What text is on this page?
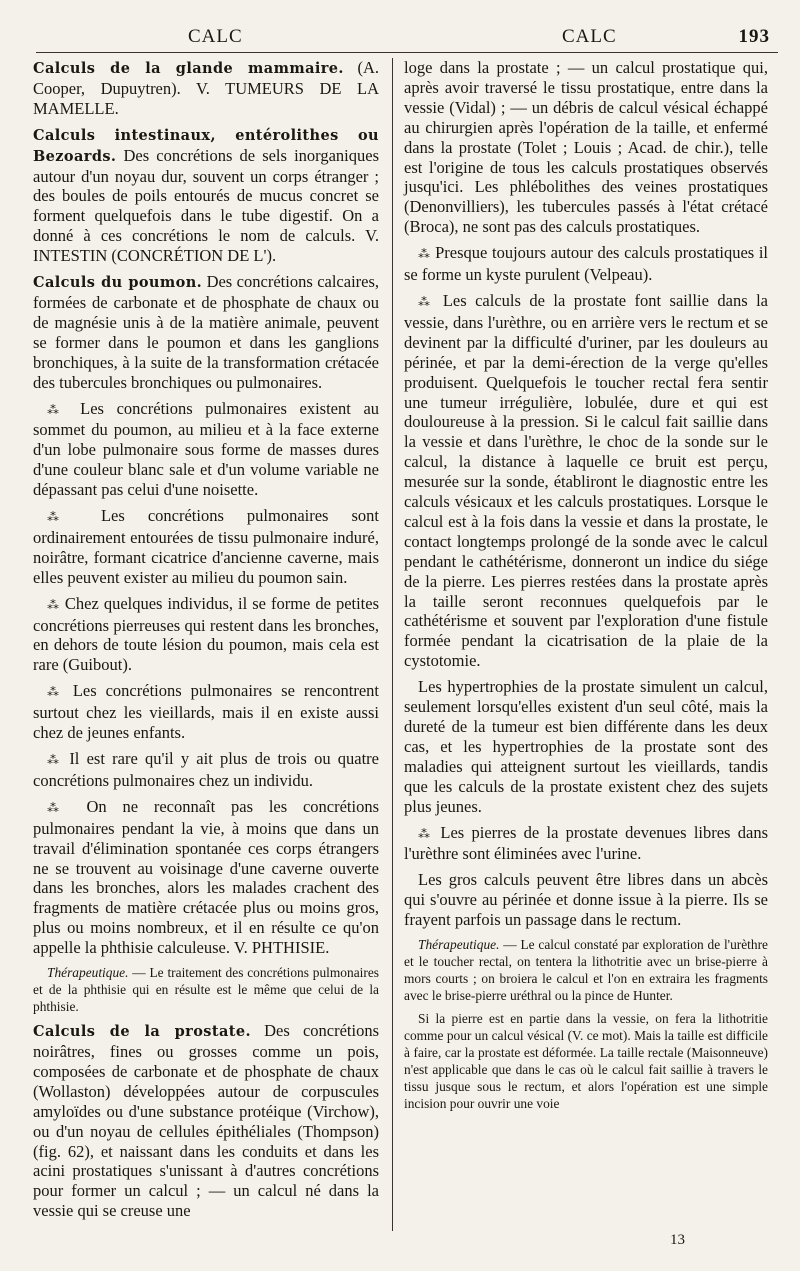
CALC	CALC	193

Calculs de la glande mammaire. (A. Cooper, Dupuytren). V. TUMEURS DE LA MAMELLE.

Calculs intestinaux, entérolithes ou Bezoards. Des concrétions de sels inorganiques autour d'un noyau dur, souvent un corps étranger ; des boules de poils entourés de mucus concret se forment quelquefois dans le tube digestif. On a donné à ces concrétions le nom de calculs. V. INTESTIN (CONCRÉTION DE L').

Calculs du poumon. Des concrétions calcaires, formées de carbonate et de phosphate de chaux ou de magnésie unis à de la matière animale, peuvent se former dans le poumon et dans les ganglions bronchiques, à la suite de la transformation crétacée des tubercules bronchiques ou pulmonaires.

⁂ Les concrétions pulmonaires existent au sommet du poumon, au milieu et à la face externe d'un lobe pulmonaire sous forme de masses dures d'une couleur blanc sale et d'un volume variable ne dépassant pas celui d'une noisette.

⁂ Les concrétions pulmonaires sont ordinairement entourées de tissu pulmonaire induré, noirâtre, formant cicatrice d'ancienne caverne, mais elles peuvent exister au milieu du poumon sain.

⁂ Chez quelques individus, il se forme de petites concrétions pierreuses qui restent dans les bronches, en dehors de toute lésion du poumon, mais cela est rare (Guibout).

⁂ Les concrétions pulmonaires se rencontrent surtout chez les vieillards, mais il en existe aussi chez de jeunes enfants.

⁂ Il est rare qu'il y ait plus de trois ou quatre concrétions pulmonaires chez un individu.

⁂ On ne reconnaît pas les concrétions pulmonaires pendant la vie, à moins que dans un travail d'élimination spontanée ces corps étrangers ne se trouvent au voisinage d'une caverne ouverte dans les bronches, alors les malades crachent des fragments de matière crétacée plus ou moins gros, plus ou moins nombreux, et il en résulte ce qu'on appelle la phthisie calculeuse. V. PHTHISIE.

Thérapeutique. — Le traitement des concrétions pulmonaires et de la phthisie qui en résulte est le même que celui de la phthisie.

Calculs de la prostate. Des concrétions noirâtres, fines ou grosses comme un pois, composées de carbonate et de phosphate de chaux (Wollaston) développées autour de corpuscules amyloïdes ou d'une substance protéique (Virchow), ou d'un noyau de cellules épithéliales (Thompson) (fig. 62), et naissant dans les conduits et dans les acini prostatiques s'unissant à d'autres concrétions pour former un calcul ; — un calcul né dans la vessie qui se creuse une

loge dans la prostate ; — un calcul prostatique qui, après avoir traversé le tissu prostatique, entre dans la vessie (Vidal) ; — un débris de calcul vésical échappé au chirurgien après l'opération de la taille, et enfermé dans la prostate (Tolet ; Louis ; Acad. de chir.), telle est l'origine de tous les calculs prostatiques observés jusqu'ici. Les phlébolithes des veines prostatiques (Denonvilliers), les tubercules passés à l'état crétacé (Broca), ne sont pas des calculs prostatiques.

⁂ Presque toujours autour des calculs prostatiques il se forme un kyste purulent (Velpeau).

⁂ Les calculs de la prostate font saillie dans la vessie, dans l'urèthre, ou en arrière vers le rectum et se devinent par la difficulté d'uriner, par les douleurs au périnée, et par la demi-érection de la verge qu'elles produisent. Quelquefois le toucher rectal fera sentir une tumeur irrégulière, lobulée, dure et qui est douloureuse à la pression. Si le calcul fait saillie dans la vessie et dans l'urèthre, le choc de la sonde sur le calcul, la distance à laquelle ce bruit est perçu, mesurée sur la sonde, établiront le diagnostic entre les calculs vésicaux et les calculs prostatiques. Lorsque le calcul est à la fois dans la vessie et dans la prostate, le contact longtemps prolongé de la sonde avec le calcul pendant le cathétérisme, donneront un indice du siége de la pierre. Les pierres restées dans la prostate après la taille seront reconnues quelquefois par le cathétérisme et souvent par l'exploration d'une fistule formée pendant la cicatrisation de la plaie de la cystotomie.

Les hypertrophies de la prostate simulent un calcul, seulement lorsqu'elles existent d'un seul côté, mais la dureté de la tumeur est bien différente dans les deux cas, et les hypertrophies de la prostate sont des maladies qui atteignent surtout les vieillards, tandis que les calculs de la prostate existent chez des sujets plus jeunes.

⁂ Les pierres de la prostate devenues libres dans l'urèthre sont éliminées avec l'urine.

Les gros calculs peuvent être libres dans un abcès qui s'ouvre au périnée et donne issue à la pierre. Ils se frayent parfois un passage dans le rectum.

Thérapeutique. — Le calcul constaté par exploration de l'urèthre et le toucher rectal, on tentera la lithotritie avec un brise-pierre à mors courts ; on broiera le calcul et l'on en extraira les fragments avec le brise-pierre uréthral ou la pince de Hunter.

Si la pierre est en partie dans la vessie, on fera la lithotritie comme pour un calcul vésical (V. ce mot). Mais la taille est difficile à faire, car la prostate est déformée. La taille rectale (Maisonneuve) n'est applicable que dans le cas où le calcul fait saillie à travers le tissu jusque sous le rectum, et alors l'opération est une simple incision pour ouvrir une voie

13
